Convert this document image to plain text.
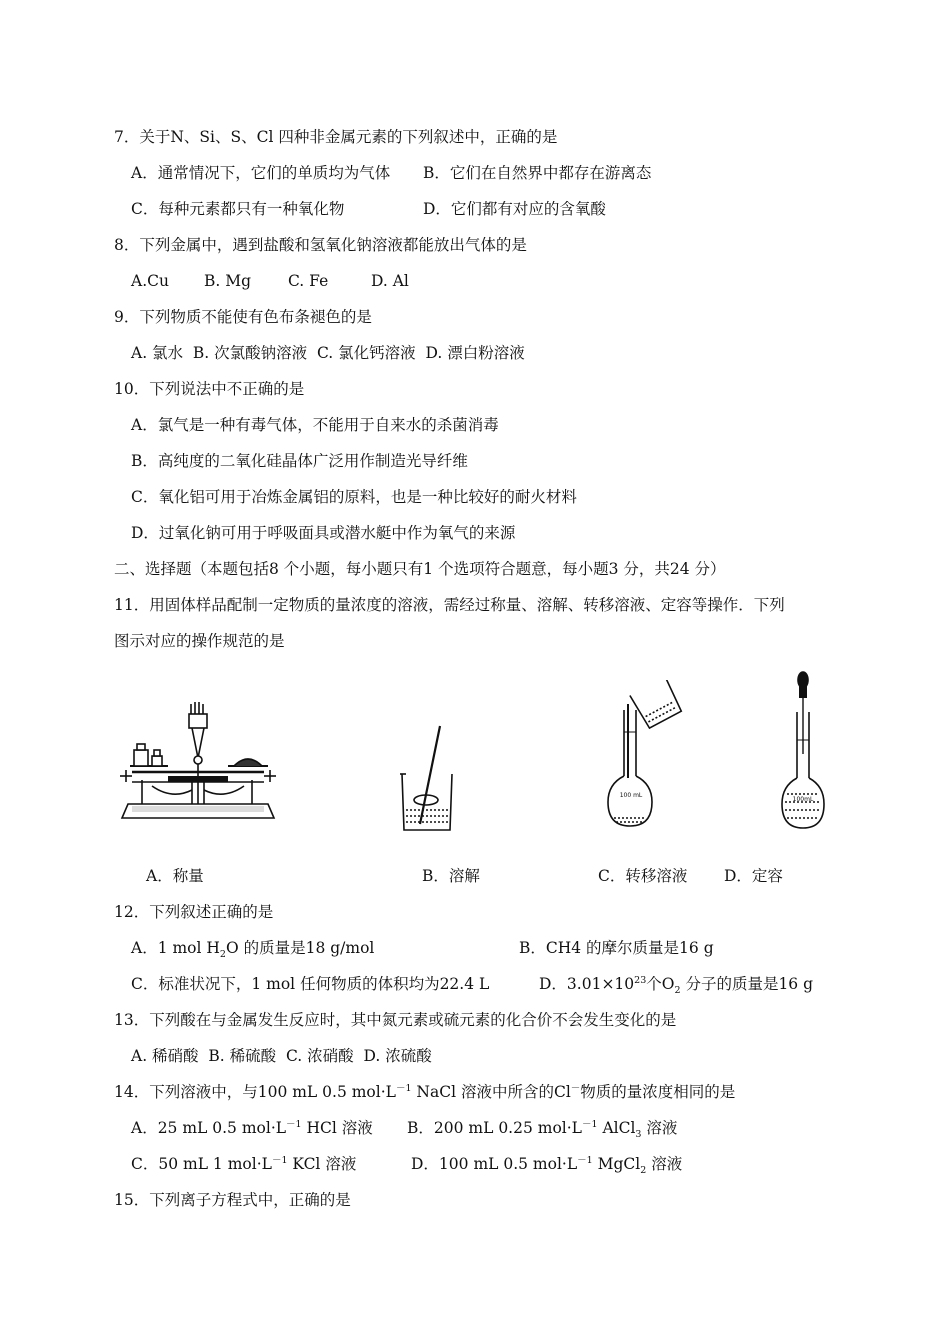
7．关于N、Si、S、Cl 四种非金属元素的下列叙述中，正确的是
A．通常情况下，它们的单质均为气体 B．它们在自然界中都存在游离态
C．每种元素都只有一种氧化物	D．它们都有对应的含氧酸
8．下列金属中，遇到盐酸和氢氧化钠溶液都能放出气体的是
A.Cu B. Mg C. Fe	D. Al
9．下列物质不能使有色布条褪色的是
A. 氯水  B. 次氯酸钠溶液  C. 氯化钙溶液  D. 漂白粉溶液
10．下列说法中不正确的是
A．氯气是一种有毒气体，不能用于自来水的杀菌消毒
B．高纯度的二氧化硅晶体广泛用作制造光导纤维
C．氧化铝可用于冶炼金属铝的原料，也是一种比较好的耐火材料
D．过氧化钠可用于呼吸面具或潜水艇中作为氧气的来源
二、选择题（本题包括8 个小题，每小题只有1 个选项符合题意，每小题3 分，共24 分）
11．用固体样品配制一定物质的量浓度的溶液，需经过称量、溶解、转移溶液、定容等操作．下列
图示对应的操作规范的是
100 mL
100mL
A．称量	B．溶解	C．转移溶液 D．定容
12．下列叙述正确的是
A．1 mol $H_2O$ 的质量是18 g/mol	B．CH4 的摩尔质量是16 g
C．标准状况下，1 mol 任何物质的体积均为22.4 L	D．$3.01\times 10^{23}$个$O_2$ 分子的质量是16 g
13．下列酸在与金属发生反应时，其中氮元素或硫元素的化合价不会发生变化的是
A. 稀硝酸  B. 稀硫酸  C. 浓硝酸  D. 浓硫酸
14．下列溶液中，与100 mL 0.5 $mol\cdot L^{-1}$ NaCl 溶液中所含的Cl－物质的量浓度相同的是
A．25 mL 0.5 $mol\cdot L^{-1}$ HCl 溶液 B．200 mL 0.25 $mol\cdot L^{-1}$ AlCl$_3$ 溶液
C．50 mL 1 $mol\cdot L^{-1}$ KCl 溶液	D．100 mL 0.5 $mol\cdot L^{-1}$ MgCl$_2$ 溶液
15．下列离子方程式中，正确的是
